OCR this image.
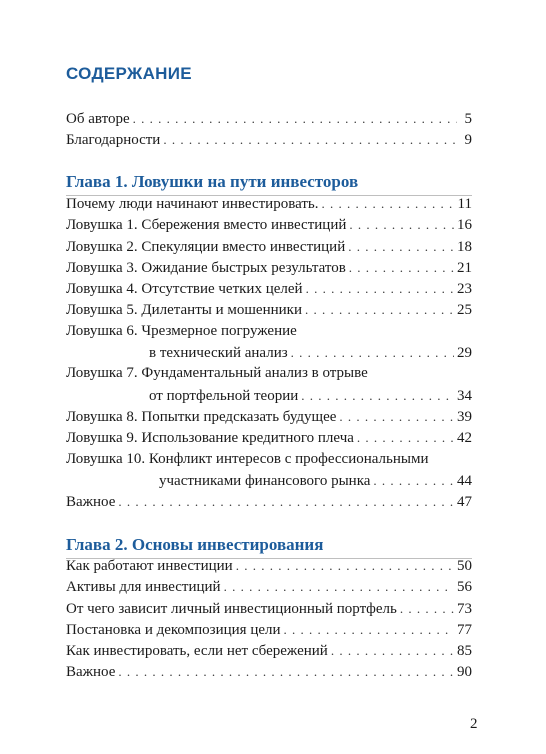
СОДЕРЖАНИЕ
Об авторе . . .	5
Благодарности . . .	9
Глава 1. Ловушки на пути инвесторов
Почему люди начинают инвестировать. . . .	11
Ловушка 1. Сбережения вместо инвестиций . . .	16
Ловушка 2. Спекуляции вместо инвестиций . . .	18
Ловушка 3. Ожидание быстрых результатов . . .	21
Ловушка 4. Отсутствие четких целей . . .	23
Ловушка 5. Дилетанты и мошенники . . .	25
Ловушка 6. Чрезмерное погружение
в технический анализ . . .	29
Ловушка 7. Фундаментальный анализ в отрыве
от портфельной теории . . .	34
Ловушка 8. Попытки предсказать будущее . . .	39
Ловушка 9. Использование кредитного плеча . . .	42
Ловушка 10. Конфликт интересов с профессиональными
участниками финансового рынка . . .	44
Важное . . .	47
Глава 2. Основы инвестирования
Как работают инвестиции . . .	50
Активы для инвестиций . . .	56
От чего зависит личный инвестиционный портфель . . .	73
Постановка и декомпозиция цели . . .	77
Как инвестировать, если нет сбережений . . .	85
Важное . . .	90
2
